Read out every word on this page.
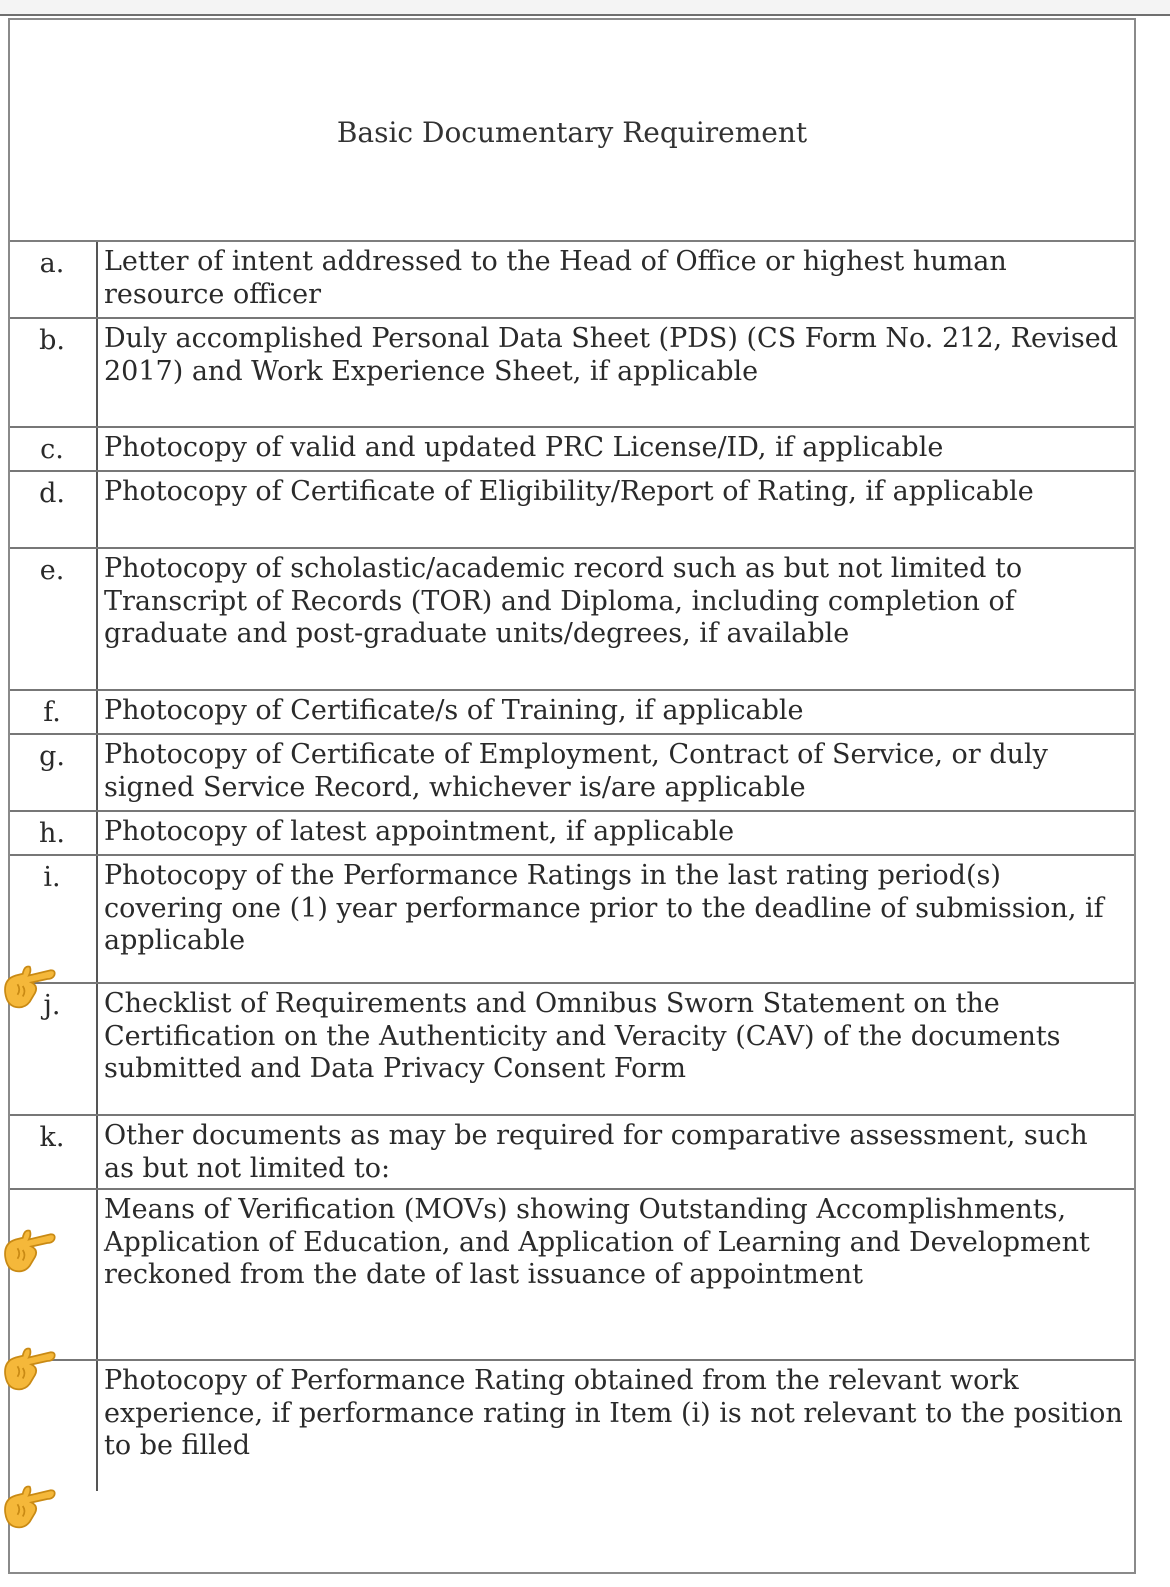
Basic Documentary Requirement
a.	Letter of intent addressed to the Head of Office or highest human resource officer
b.	Duly accomplished Personal Data Sheet (PDS) (CS Form No. 212, Revised 2017) and Work Experience Sheet, if applicable
c.	Photocopy of valid and updated PRC License/ID, if applicable
d.	Photocopy of Certificate of Eligibility/Report of Rating, if applicable
e.	Photocopy of scholastic/academic record such as but not limited to Transcript of Records (TOR) and Diploma, including completion of graduate and post-graduate units/degrees, if available
f.	Photocopy of Certificate/s of Training, if applicable
g.	Photocopy of Certificate of Employment, Contract of Service, or duly signed Service Record, whichever is/are applicable
h.	Photocopy of latest appointment, if applicable
i.	Photocopy of the Performance Ratings in the last rating period(s) covering one (1) year performance prior to the deadline of submission, if applicable
j.	Checklist of Requirements and Omnibus Sworn Statement on the Certification on the Authenticity and Veracity (CAV) of the documents submitted and Data Privacy Consent Form
k.	Other documents as may be required for comparative assessment, such as but not limited to:
Means of Verification (MOVs) showing Outstanding Accomplishments, Application of Education, and Application of Learning and Development reckoned from the date of last issuance of appointment
Photocopy of Performance Rating obtained from the relevant work experience, if performance rating in Item (i) is not relevant to the position to be filled
